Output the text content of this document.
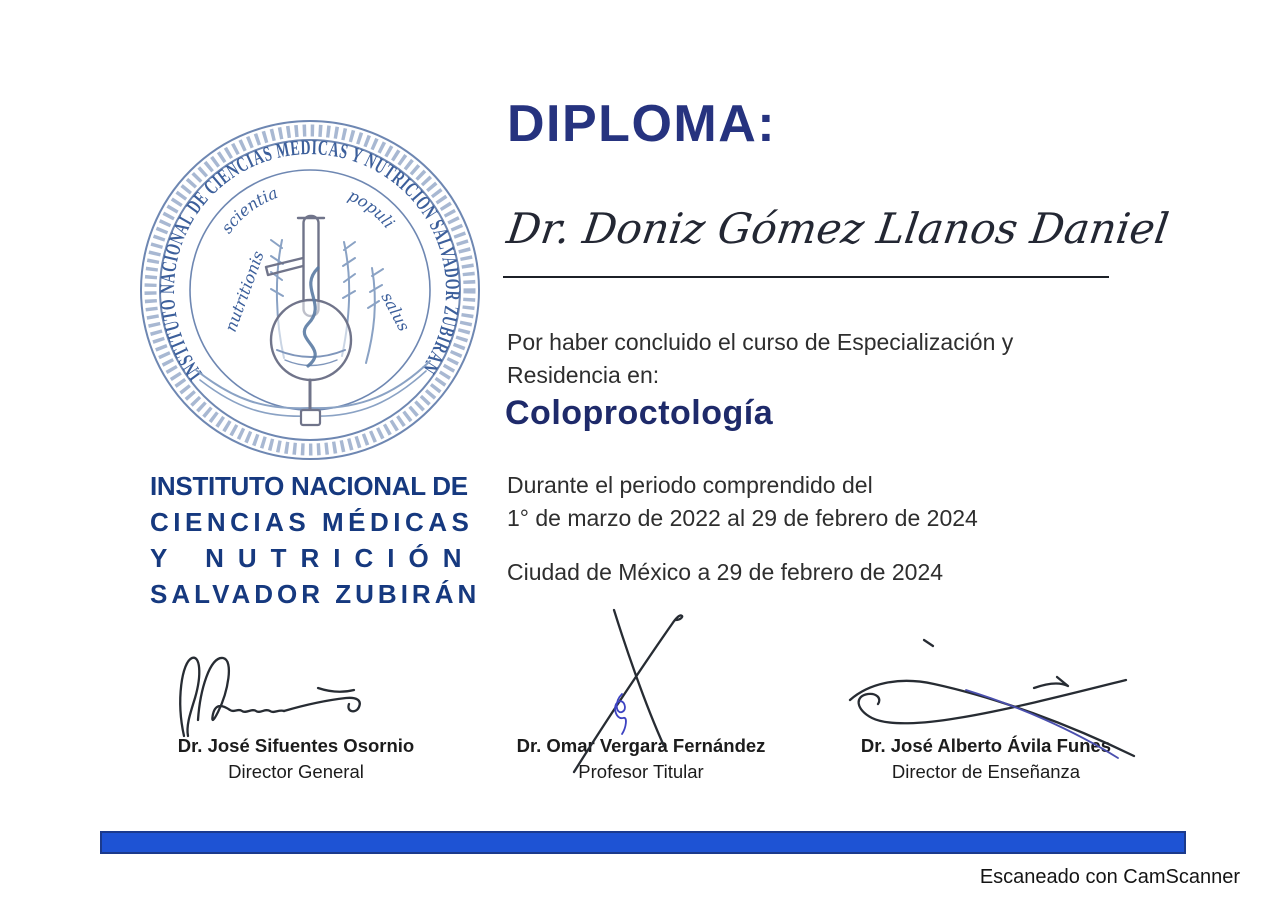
INSTITUTO NACIONAL DE CIENCIAS MEDICAS Y NUTRICION SALVADOR ZUBIRAN
scientia	populi
nutritionis	salus
DIPLOMA:
Dr. Doniz Gómez Llanos Daniel
Por haber concluido el curso de Especialización y
Residencia en:
Coloproctología
Durante el periodo comprendido del
1° de marzo de 2022 al 29 de febrero de 2024
Ciudad de México a 29 de febrero de 2024
INSTITUTO NACIONAL DE
CIENCIAS MÉDICAS
Y NUTRICIÓN
SALVADOR ZUBIRÁN
Dr. José Sifuentes Osornio
Director General
Dr. Omar Vergara Fernández
Profesor Titular
Dr. José Alberto Ávila Funes
Director de Enseñanza
Escaneado con CamScanner
